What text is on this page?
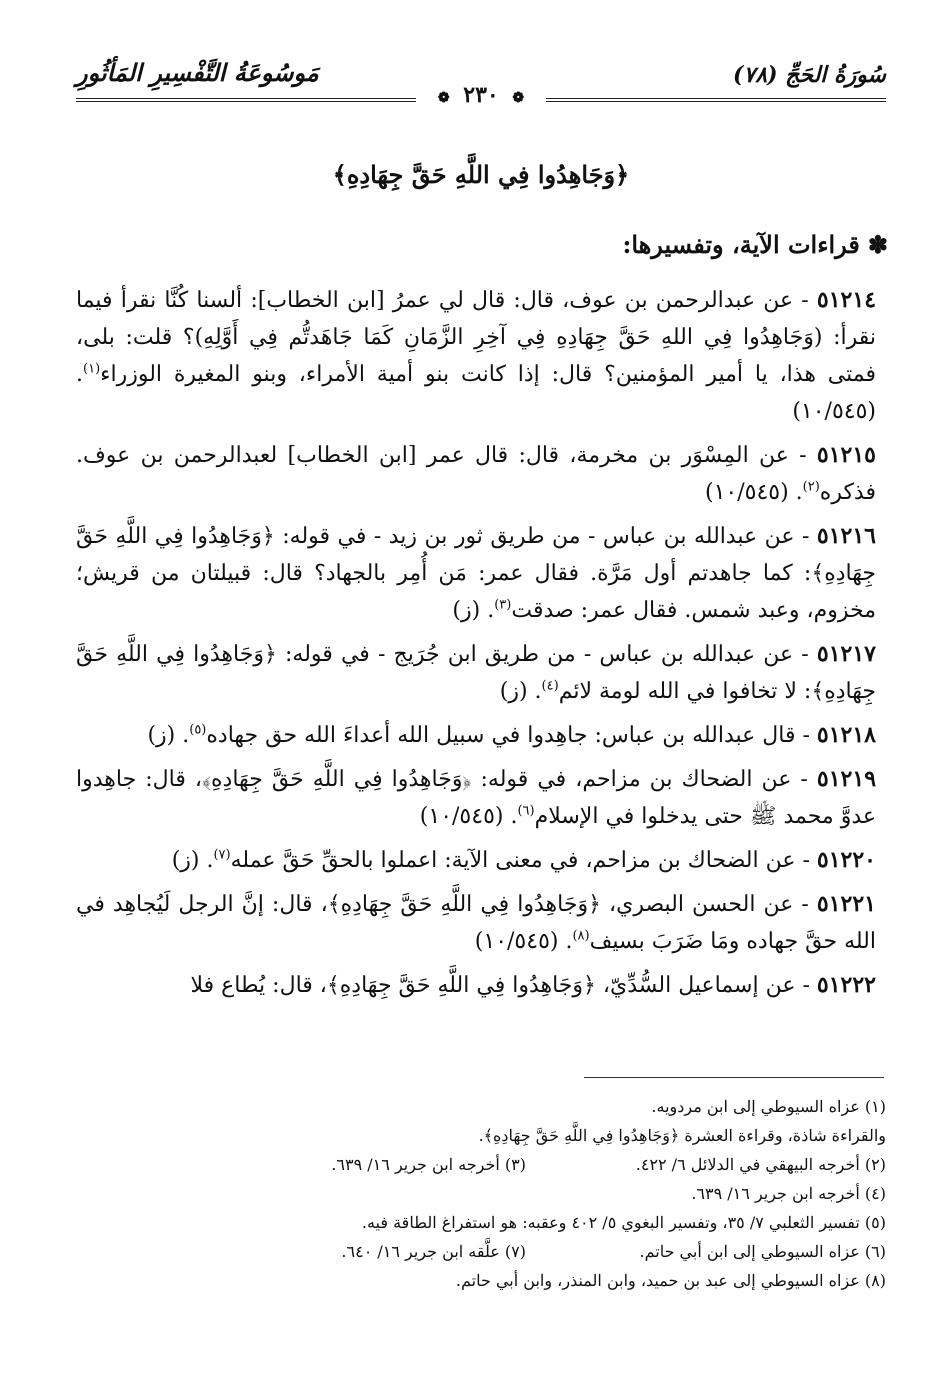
سُورَةُ الحَجِّ (٧٨)
مَوسُوعَةُ التَّفْسِيرِ المَأثُورِ
❁ ٢٣٠ ❁
﴿وَجَاهِدُوا فِي اللَّهِ حَقَّ جِهَادِهِ﴾
✽قراءات الآية، وتفسيرها:

٥١٢١٤ - عن عبدالرحمن بن عوف، قال: قال لي عمرُ [ابن الخطاب]: ألسنا كُنَّا نقرأ فيما نقرأ: (وَجَاهِدُوا فِي اللهِ حَقَّ جِهَادِهِ فِي آخِرِ الزَّمَانِ كَمَا جَاهَدتُّم فِي أَوَّلِهِ)؟ قلت: بلى، فمتى هذا، يا أمير المؤمنين؟ قال: إذا كانت بنو أمية الأمراء، وبنو المغيرة الوزراء$^{(١)}$. (١٠/٥٤٥)

٥١٢١٥ - عن المِسْوَر بن مخرمة، قال: قال عمر [ابن الخطاب] لعبدالرحمن بن عوف. فذكره$^{(٢)}$. (١٠/٥٤٥)

٥١٢١٦ - عن عبدالله بن عباس - من طريق ثور بن زيد - في قوله: ﴿وَجَاهِدُوا فِي اللَّهِ حَقَّ جِهَادِهِ﴾: كما جاهدتم أول مَرَّة. فقال عمر: مَن أُمِر بالجهاد؟ قال: قبيلتان من قريش؛ مخزوم، وعبد شمس. فقال عمر: صدقت$^{(٣)}$. (ز)

٥١٢١٧ - عن عبدالله بن عباس - من طريق ابن جُرَيج - في قوله: ﴿وَجَاهِدُوا فِي اللَّهِ حَقَّ جِهَادِهِ﴾: لا تخافوا في الله لومة لائم$^{(٤)}$. (ز)

٥١٢١٨ - قال عبدالله بن عباس: جاهِدوا في سبيل الله أعداءَ الله حق جهاده$^{(٥)}$. (ز)

٥١٢١٩ - عن الضحاك بن مزاحم، في قوله: ﴿وَجَاهِدُوا فِي اللَّهِ حَقَّ جِهَادِهِ﴾، قال: جاهِدوا عدوَّ محمد ﷺ حتى يدخلوا في الإسلام$^{(٦)}$. (١٠/٥٤٥)

٥١٢٢٠ - عن الضحاك بن مزاحم، في معنى الآية: اعملوا بالحقِّ حَقَّ عمله$^{(٧)}$. (ز)

٥١٢٢١ - عن الحسن البصري، ﴿وَجَاهِدُوا فِي اللَّهِ حَقَّ جِهَادِهِ﴾، قال: إنَّ الرجل لَيُجاهِد في الله حقَّ جهاده ومَا ضَرَبَ بسيف$^{(٨)}$. (١٠/٥٤٥)

٥١٢٢٢ - عن إسماعيل السُّدِّيّ، ﴿وَجَاهِدُوا فِي اللَّهِ حَقَّ جِهَادِهِ﴾، قال: يُطاع فلا

(١) عزاه السيوطي إلى ابن مردويه.
والقراءة شاذة، وقراءة العشرة ﴿وَجَاهِدُوا فِي اللَّهِ حَقَّ جِهَادِهِ﴾.
(٢) أخرجه البيهقي في الدلائل ٦/ ٤٢٢.
(٣) أخرجه ابن جرير ١٦/ ٦٣٩.
(٤) أخرجه ابن جرير ١٦/ ٦٣٩.
(٥) تفسير الثعلبي ٧/ ٣٥، وتفسير البغوي ٥/ ٤٠٢ وعقبه: هو استفراغ الطاقة فيه.
(٦) عزاه السيوطي إلى ابن أبي حاتم.
(٧) علَّقه ابن جرير ١٦/ ٦٤٠.
(٨) عزاه السيوطي إلى عبد بن حميد، وابن المنذر، وابن أبي حاتم.
